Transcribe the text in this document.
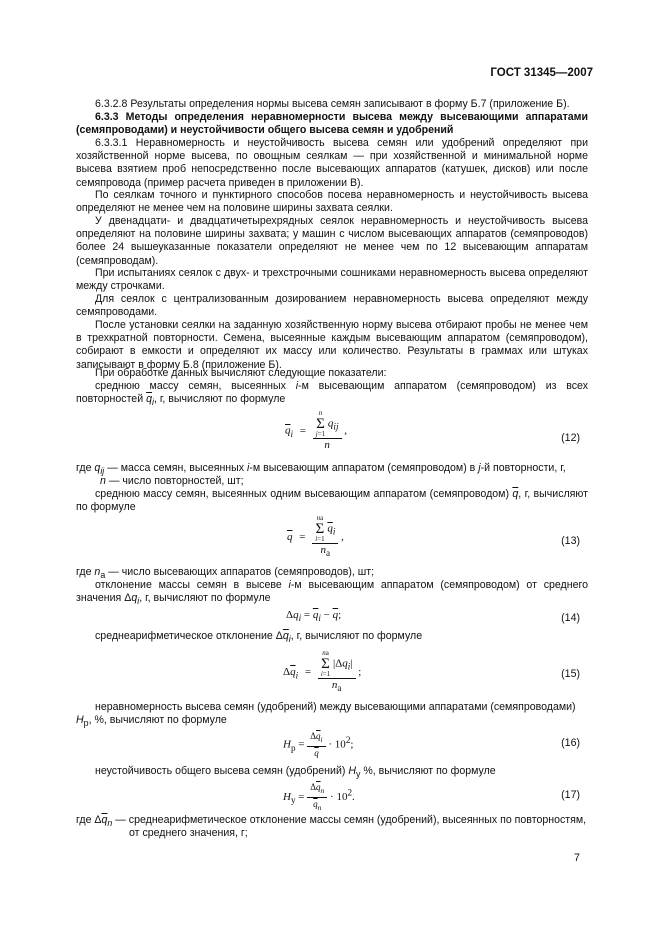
ГОСТ 31345—2007

6.3.2.8 Результаты определения нормы высева семян записывают в форму Б.7 (приложение Б).

6.3.3 Методы определения неравномерности высева между высевающими аппаратами (семяпроводами) и неустойчивости общего высева семян и удобрений

6.3.3.1 Неравномерность и неустойчивость высева семян или удобрений определяют при хозяйственной норме высева, по овощным сеялкам — при хозяйственной и минимальной норме высева взятием проб непосредственно после высевающих аппаратов (катушек, дисков) или после семяпровода (пример расчета приведен в приложении В).

По сеялкам точного и пунктирного способов посева неравномерность и неустойчивость высева определяют не менее чем на половине ширины захвата сеялки.

У двенадцати- и двадцатичетырехрядных сеялок неравномерность и неустойчивость высева определяют на половине ширины захвата; у машин с числом высевающих аппаратов (семяпроводов) более 24 вышеуказанные показатели определяют не менее чем по 12 высевающим аппаратам (семяпроводам).

При испытаниях сеялок с двух- и трехстрочными сошниками неравномерность высева определяют между строчками.

Для сеялок с централизованным дозированием неравномерность высева определяют между семяпроводами.

После установки сеялки на заданную хозяйственную норму высева отбирают пробы не менее чем в трехкратной повторности. Семена, высеянные каждым высевающим аппаратом (семяпроводом), собирают в емкости и определяют их массу или количество. Результаты в граммах или штуках записывают в форму Б.8 (приложение Б).

При обработке данных вычисляют следующие показатели:

среднюю массу семян, высеянных i-м высевающим аппаратом (семяпроводом) из всех повторностей $\overline{q}_i$, г, вычисляют по формуле

$\overline{q}_i = n$
Σ
j=1
$q_{ij}$
n ,
(12)

где $q_{ij}$ — масса семян, высеянных i-м высевающим аппаратом (семяпроводом) в j-й повторности, г,

n — число повторностей, шт;

среднюю массу семян, высеянных одним высевающим аппаратом (семяпроводом) $\overline{q}$, г, вычисляют по формуле

$\overline{q}$ = na
Σ
i=1
$\overline{q}_i$
$n_a$ ,	(13)

где $n_a$ — число высевающих аппаратов (семяпроводов), шт;

отклонение массы семян в высеве i-м высевающим аппаратом (семяпроводом) от среднего значения $\Delta q_i$, г, вычисляют по формуле

$\Delta q_i = \overline{q}_i - \overline{q}$;	(14)

среднеарифметическое отклонение $\Delta\overline{q}_i$, г, вычисляют по формуле

$\Delta\overline{q}_i$ = na
Σ
i=1
$|\Delta q_i|$
$n_a$ ;	(15)

неравномерность высева семян (удобрений) между высевающими аппаратами (семяпроводами)

$H_р$, %, вычисляют по формуле

$H_р = \frac{\Delta\overline{q}_i}{q} \cdot 10^2$;	(16)

неустойчивость общего высева семян (удобрений) $H_у$ %, вычисляют по формуле

$H_у = \frac{\Delta\overline{q}_n}{\overline{q}_n} \cdot 10^2$.	(17)

где $\Delta\overline{q}_n$ — среднеарифметическое отклонение массы семян (удобрений), высеянных по повторностям,

от среднего значения, г;

7
